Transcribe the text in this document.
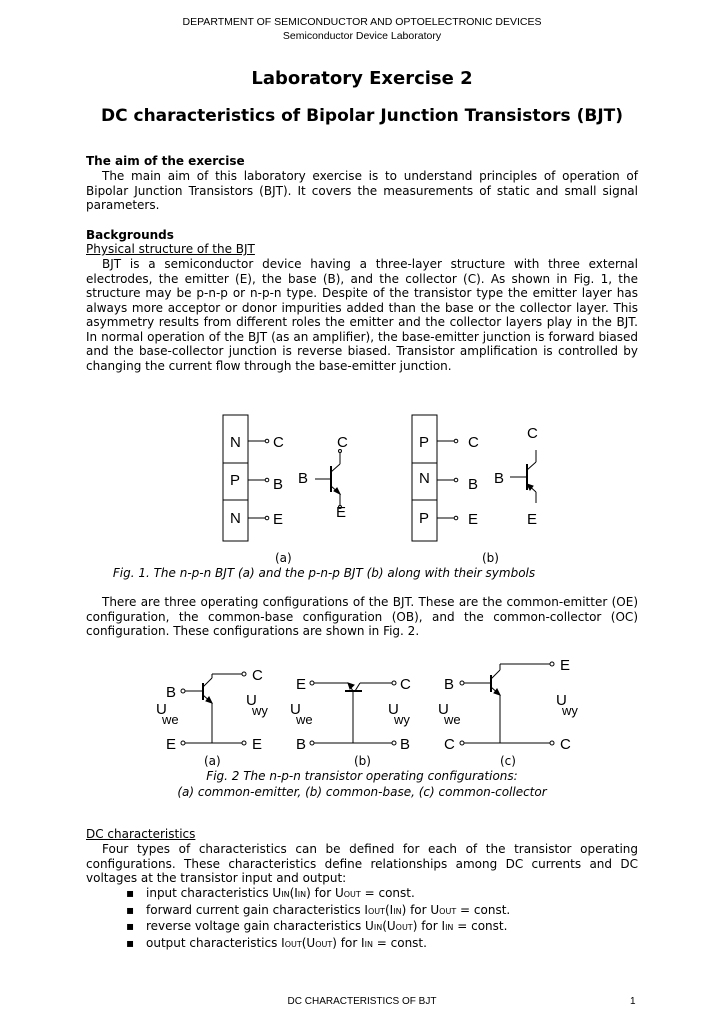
DEPARTMENT OF SEMICONDUCTOR AND OPTOELECTRONIC DEVICES
Semiconductor Device Laboratory
Laboratory Exercise 2
DC characteristics of Bipolar Junction Transistors (BJT)
The aim of the exercise
The main aim of this laboratory exercise is to understand principles of operation of Bipolar Junction Transistors (BJT). It covers the measurements of static and small signal parameters.
Backgrounds
Physical structure of the BJT
BJT is a semiconductor device having a three-layer structure with three external electrodes, the emitter (E), the base (B), and the collector (C). As shown in Fig. 1, the structure may be p-n-p or n-p-n type. Despite of the transistor type the emitter layer has always more acceptor or donor impurities added than the base or the collector layer. This asymmetry results from different roles the emitter and the collector layers play in the BJT. In normal operation of the BJT (as an amplifier), the base-emitter junction is forward biased and the base-collector junction is reverse biased. Transistor amplification is controlled by changing the current flow through the base-emitter junction.
N
P
N
C
B
E
C
B
E
P
N
P
C
B
E
C
B
E
(a)	(b)
Fig. 1. The n-p-n BJT (a) and the p-n-p BJT (b) along with their symbols
There are three operating configurations of the BJT. These are the common-emitter (OE) configuration, the common-base configuration (OB), and the common-collector (OC) configuration. These configurations are shown in Fig. 2.
B
E
C
E
U
we
U
wy
E
B
C
B
U
we
U
wy
B
C
E
C
U
we
U
wy
(a)	(b)	(c)
Fig. 2 The n-p-n transistor operating configurations:
(a) common-emitter, (b) common-base, (c) common-collector
DC characteristics
Four types of characteristics can be defined for each of the transistor operating configurations. These characteristics define relationships among DC currents and DC voltages at the transistor input and output:
▪ input characteristics UIN(IIN) for UOUT = const.
▪ forward current gain characteristics IOUT(IIN) for UOUT = const.
▪ reverse voltage gain characteristics UIN(UOUT) for IIN = const.
▪ output characteristics IOUT(UOUT) for IIN = const.
DC CHARACTERISTICS OF BJT	1
